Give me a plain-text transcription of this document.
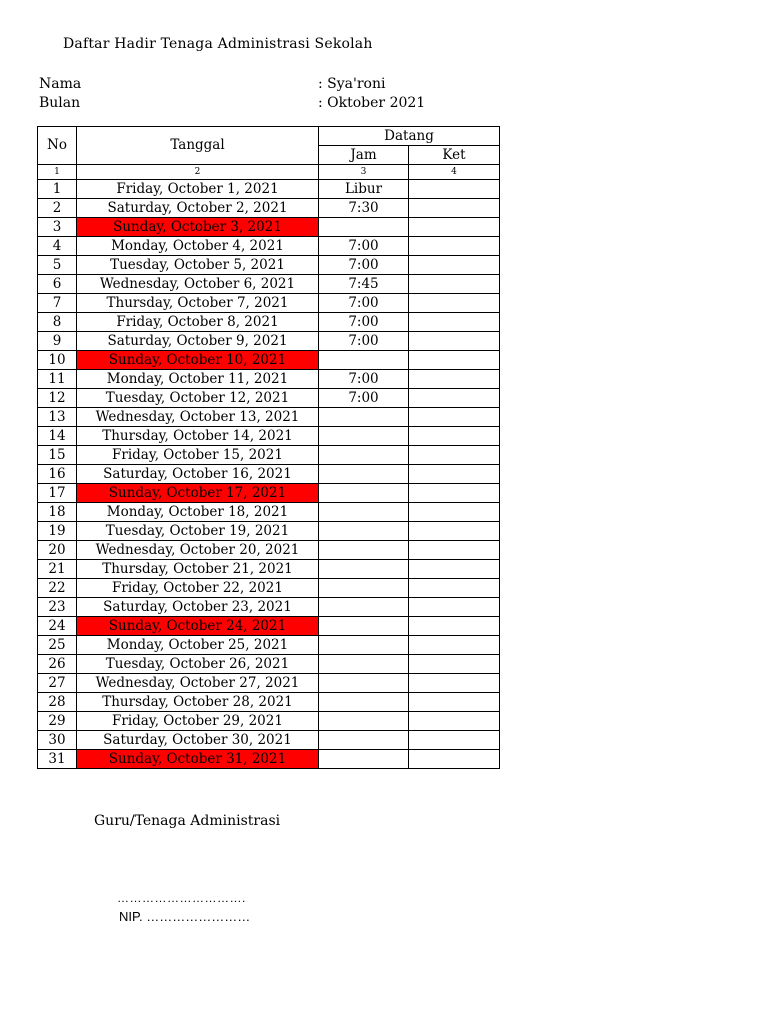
Daftar Hadir Tenaga Administrasi Sekolah
Nama	: Sya'roni
Bulan	: Oktober 2021
No	Tanggal	Datang	
		Jam	Ket
1	2	3	4
1	Friday, October 1, 2021	Libur	
2	Saturday, October 2, 2021	7:30	
3	Sunday, October 3, 2021		
4	Monday, October 4, 2021	7:00	
5	Tuesday, October 5, 2021	7:00	
6	Wednesday, October 6, 2021	7:45	
7	Thursday, October 7, 2021	7:00	
8	Friday, October 8, 2021	7:00	
9	Saturday, October 9, 2021	7:00	
10	Sunday, October 10, 2021		
11	Monday, October 11, 2021	7:00	
12	Tuesday, October 12, 2021	7:00	
13	Wednesday, October 13, 2021		
14	Thursday, October 14, 2021		
15	Friday, October 15, 2021		
16	Saturday, October 16, 2021		
17	Sunday, October 17, 2021		
18	Monday, October 18, 2021		
19	Tuesday, October 19, 2021		
20	Wednesday, October 20, 2021		
21	Thursday, October 21, 2021		
22	Friday, October 22, 2021		
23	Saturday, October 23, 2021		
24	Sunday, October 24, 2021		
25	Monday, October 25, 2021		
26	Tuesday, October 26, 2021		
27	Wednesday, October 27, 2021		
28	Thursday, October 28, 2021		
29	Friday, October 29, 2021		
30	Saturday, October 30, 2021		
31	Sunday, October 31, 2021		
Guru/Tenaga Administrasi
………………………….
NIP. ……………………
